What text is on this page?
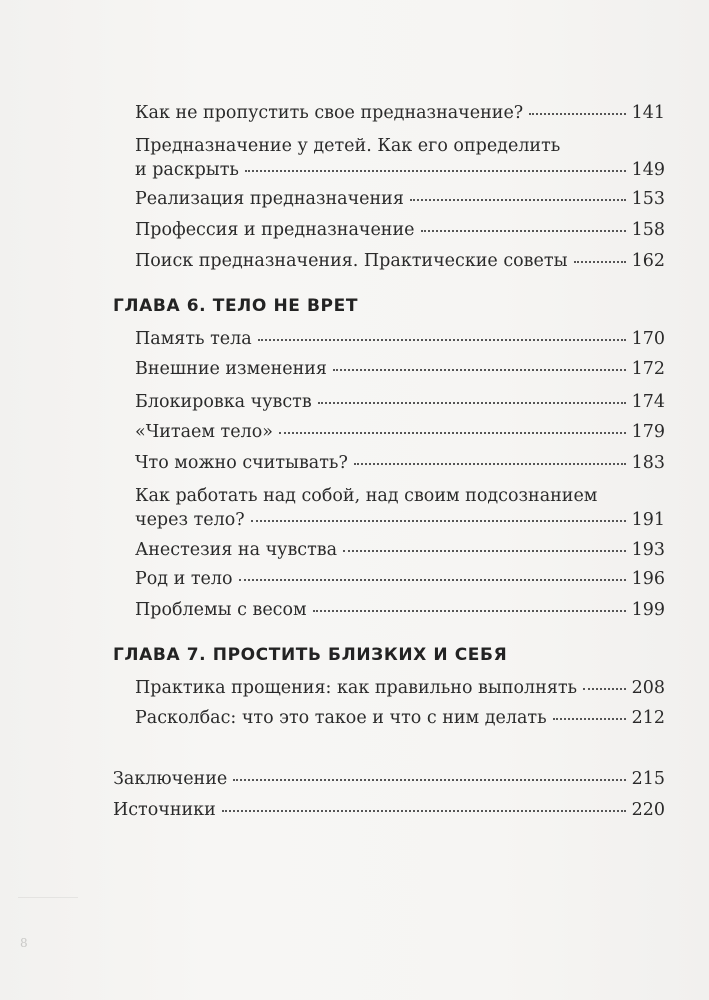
Как не пропустить свое предназначение?	141
Предназначение у детей. Как его определить
и раскрыть	149
Реализация предназначения	153
Профессия и предназначение	158
Поиск предназначения. Практические советы	162
ГЛАВА 6. ТЕЛО НЕ ВРЕТ
Память тела	170
Внешние изменения	172
Блокировка чувств	174
«Читаем тело»	179
Что можно считывать?	183
Как работать над собой, над своим подсознанием
через тело?	191
Анестезия на чувства	193
Род и тело	196
Проблемы с весом	199
ГЛАВА 7. ПРОСТИТЬ БЛИЗКИХ И СЕБЯ
Практика прощения: как правильно выполнять	208
Расколбас: что это такое и что с ним делать	212
Заключение	215
Источники	220
8
